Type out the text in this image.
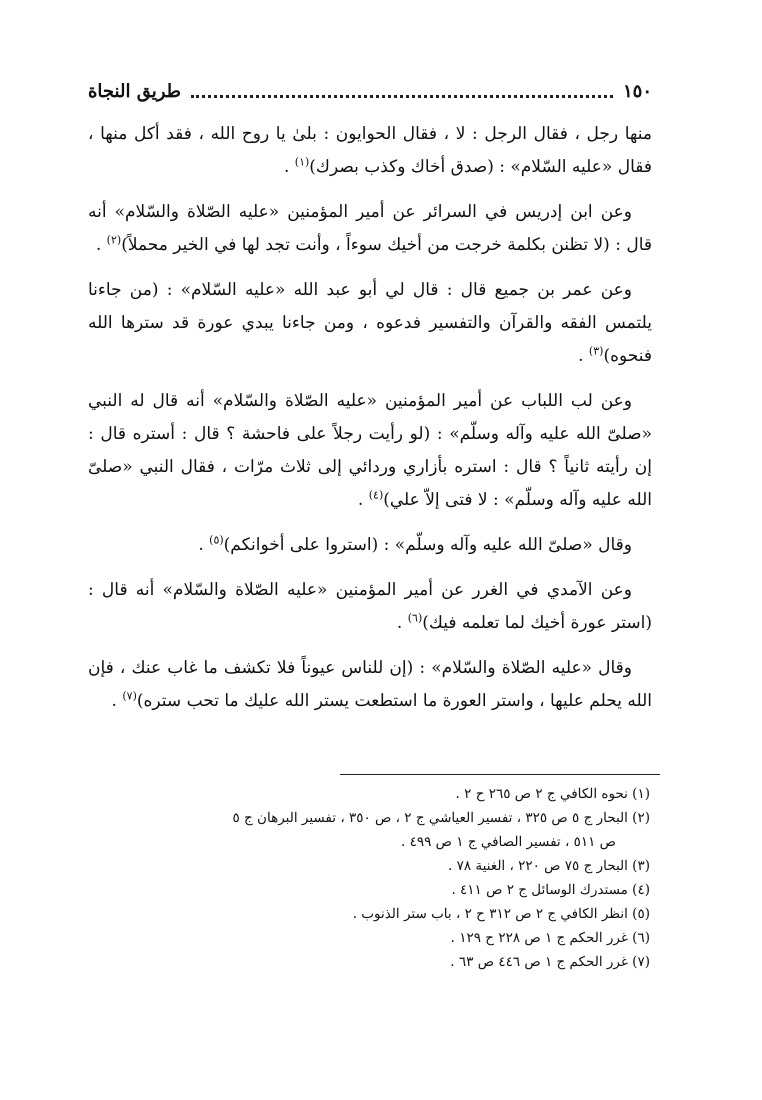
١٥٠
طريق النجاة

منها رجل ، فقال الرجل : لا ، فقال الحوايون : بلىٰ يا روح الله ، فقد أكل منها ، فقال «عليه السّلام» : (صدق أخاك وكذب بصرك)$^{(١)}$ .

وعن ابن إدريس في السرائر عن أمير المؤمنين «عليه الصّلاة والسّلام» أنه قال : (لا تظنن بكلمة خرجت من أخيك سوءاً ، وأنت تجد لها في الخير محملاً)$^{(٢)}$ .

وعن عمر بن جميع قال : قال لي أبو عبد الله «عليه السّلام» : (من جاءنا يلتمس الفقه والقرآن والتفسير فدعوه ، ومن جاءنا يبدي عورة قد سترها الله فنحوه)$^{(٣)}$ .

وعن لب اللباب عن أمير المؤمنين «عليه الصّلاة والسّلام» أنه قال له النبي «صلىّ الله عليه وآله وسلّم» : (لو رأيت رجلاً على فاحشة ؟ قال : أستره قال : إن رأيته ثانياً ؟ قال : استره بأزاري وردائي إلى ثلاث مرّات ، فقال النبي «صلىّ الله عليه وآله وسلّم» : لا فتى إلاّ علي)$^{(٤)}$ .

وقال «صلىّ الله عليه وآله وسلّم» : (استروا على أخوانكم)$^{(٥)}$ .

وعن الآمدي في الغرر عن أمير المؤمنين «عليه الصّلاة والسّلام» أنه قال : (استر عورة أخيك لما تعلمه فيك)$^{(٦)}$ .

وقال «عليه الصّلاة والسّلام» : (إن للناس عيوناً فلا تكشف ما غاب عنك ، فإن الله يحلم عليها ، واستر العورة ما استطعت يستر الله عليك ما تحب ستره)$^{(٧)}$ .

(١) نحوه الكافي ج ٢ ص ٢٦٥ ح ٢ .

(٢) البحار ج ٥ ص ٣٢٥ ، تفسير العياشي ج ٢ ، ص ٣٥٠ ، تفسير البرهان ج ٥

ص ٥١١ ، تفسير الصافي ج ١ ص ٤٩٩ .

(٣) البحار ج ٧٥ ص ٢٢٠ ، الغنية ٧٨ .

(٤) مستدرك الوسائل ج ٢ ص ٤١١ .

(٥) انظر الكافي ج ٢ ص ٣١٢ ح ٢ ، باب ستر الذنوب .

(٦) غرر الحكم ج ١ ص ٢٢٨ ح ١٢٩ .

(٧) غرر الحكم ج ١ ص ٤٤٦ ص ٦٣ .
